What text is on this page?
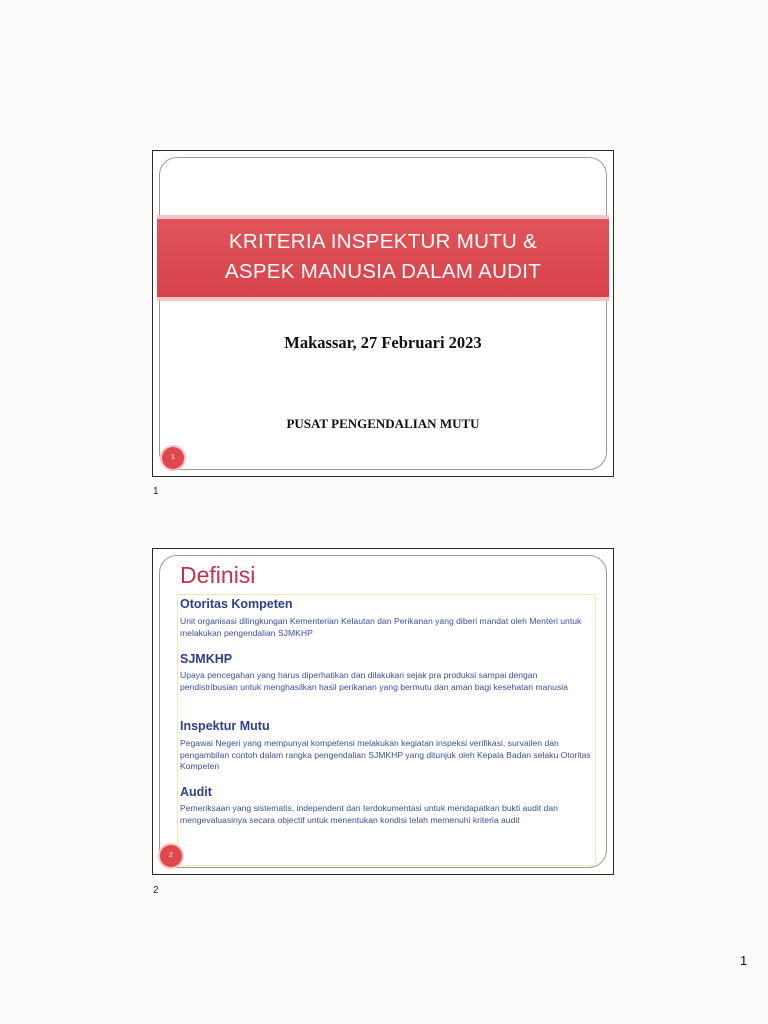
KRITERIA INSPEKTUR MUTU &
ASPEK MANUSIA DALAM AUDIT
Makassar, 27 Februari 2023
PUSAT PENGENDALIAN MUTU
1
1
Definisi
Otoritas Kompeten
Unit organisasi dilingkungan Kementerian Kelautan dan Perikanan yang diberi mandat oleh Menteri untuk melakukan pengendalian SJMKHP
SJMKHP
Upaya pencegahan yang harus diperhatikan dan dilakukan sejak pra produksi sampai dengan pendistribusian untuk menghasilkan hasil perikanan yang bermutu dan aman bagi kesehatan manusia
Inspektur Mutu
Pegawai Negeri yang mempunyai kompetensi melakukan kegiatan inspeksi verifikasi, survailen dan pengambilan contoh dalam rangka pengendalian SJMKHP yang ditunjuk oleh Kepala Badan selaku Otoritas Kompeten
Audit
Pemeriksaan yang sistematis, independent dan terdokumentasi untuk mendapatkan bukti audit dan mengevaluasinya secara objectif untuk menentukan kondisi telah memenuhi kriteria audit
2
2
1
